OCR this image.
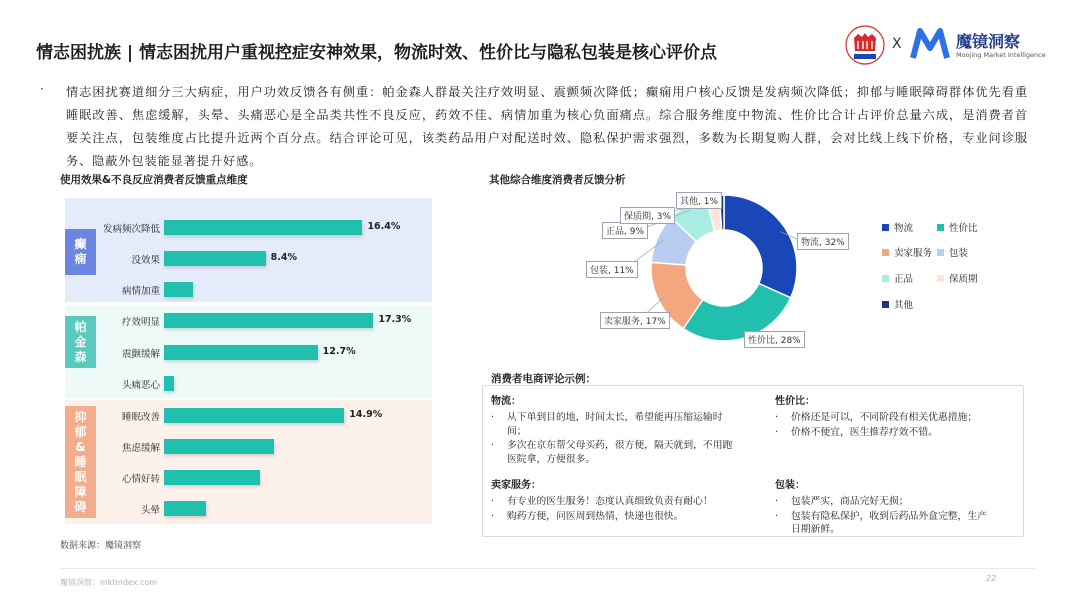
情志困扰族 | 情志困扰用户重视控症安神效果，物流时效、性价比与隐私包装是核心评价点	X	魔镜洞察
Moojing Market Intelligence
· 情志困扰赛道细分三大病症，用户功效反馈各有侧重：帕金森人群最关注疗效明显、震颤频次降低；癫痫用户核心反馈是发病频次降低；抑郁与睡眠障碍群体优先看重睡眠改善、焦虑缓解，头晕、头痛恶心是全品类共性不良反应，药效不佳、病情加重为核心负面痛点。综合服务维度中物流、性价比合计占评价总量六成，是消费者首要关注点，包装维度占比提升近两个百分点。结合评论可见，该类药品用户对配送时效、隐私保护需求强烈，多数为长期复购人群，会对比线上线下价格，专业问诊服务、隐蔽外包装能显著提升好感。
使用效果&不良反应消费者反馈重点维度
癫痫
帕金森
抑郁&睡眠障碍
发病频次降低	16.4%
没效果	8.4%
病情加重
疗效明显	17.3%
震颤缓解	12.7%
头痛恶心
睡眠改善	14.9%
焦虑缓解
心情好转
头晕
数据来源：魔镜洞察
其他综合维度消费者反馈分析
物流, 32%
性价比, 28%
卖家服务, 17%
包装, 11%
正品, 9%
保质期, 3%
其他, 1%
物流	性价比
卖家服务 包装
正品	保质期
其他
消费者电商评论示例：
物流：
· 从下单到目的地，时间太长，希望能再压缩运输时间；
· 多次在京东帮父母买药，很方便，隔天就到，不用跑医院拿，方便很多。
卖家服务：
· 有专业的医生服务！态度认真细致负责有耐心！
· 购药方便，问医周到热情，快递也很快。
性价比：
· 价格还是可以，不同阶段有相关优惠措施；
· 价格不便宜，医生推荐疗效不错。
包装：
· 包装严实，商品完好无损；
· 包装有隐私保护，收到后药品外盒完整，生产日期新鲜。
魔镜洞察：mktindex.com	22
